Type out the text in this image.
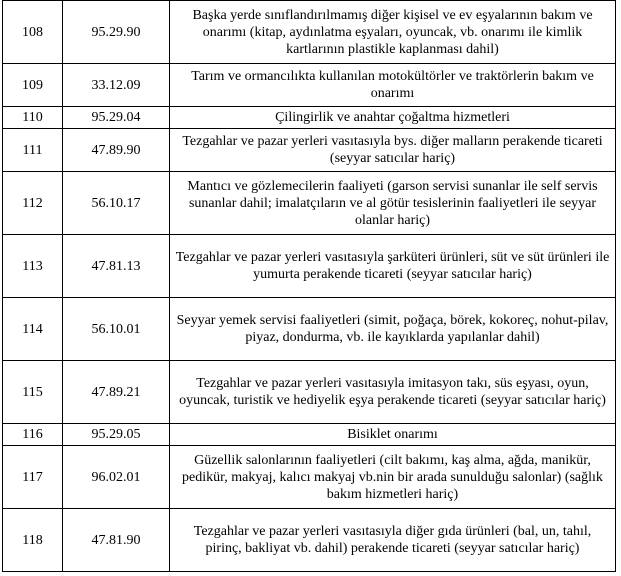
108	95.29.90	Başka yerde sınıflandırılmamış diğer kişisel ve ev eşyalarının bakım ve onarımı (kitap, aydınlatma eşyaları, oyuncak, vb. onarımı ile kimlik kartlarının plastikle kaplanması dahil)
109	33.12.09	Tarım ve ormancılıkta kullanılan motokültörler ve traktörlerin bakım ve onarımı
110	95.29.04	Çilingirlik ve anahtar çoğaltma hizmetleri
111	47.89.90	Tezgahlar ve pazar yerleri vasıtasıyla bys. diğer malların perakende ticareti (seyyar satıcılar hariç)
112	56.10.17	Mantıcı ve gözlemecilerin faaliyeti (garson servisi sunanlar ile self servis sunanlar dahil; imalatçıların ve al götür tesislerinin faaliyetleri ile seyyar olanlar hariç)
113	47.81.13	Tezgahlar ve pazar yerleri vasıtasıyla şarküteri ürünleri, süt ve süt ürünleri ile yumurta perakende ticareti (seyyar satıcılar hariç)
114	56.10.01	Seyyar yemek servisi faaliyetleri (simit, poğaça, börek, kokoreç, nohut-pilav, piyaz, dondurma, vb. ile kayıklarda yapılanlar dahil)
115	47.89.21	Tezgahlar ve pazar yerleri vasıtasıyla imitasyon takı, süs eşyası, oyun, oyuncak, turistik ve hediyelik eşya perakende ticareti (seyyar satıcılar hariç)
116	95.29.05	Bisiklet onarımı
117	96.02.01	Güzellik salonlarının faaliyetleri (cilt bakımı, kaş alma, ağda, manikür, pedikür, makyaj, kalıcı makyaj vb.nin bir arada sunulduğu salonlar) (sağlık bakım hizmetleri hariç)
118	47.81.90	Tezgahlar ve pazar yerleri vasıtasıyla diğer gıda ürünleri (bal, un, tahıl, pirinç, bakliyat vb. dahil) perakende ticareti (seyyar satıcılar hariç)
